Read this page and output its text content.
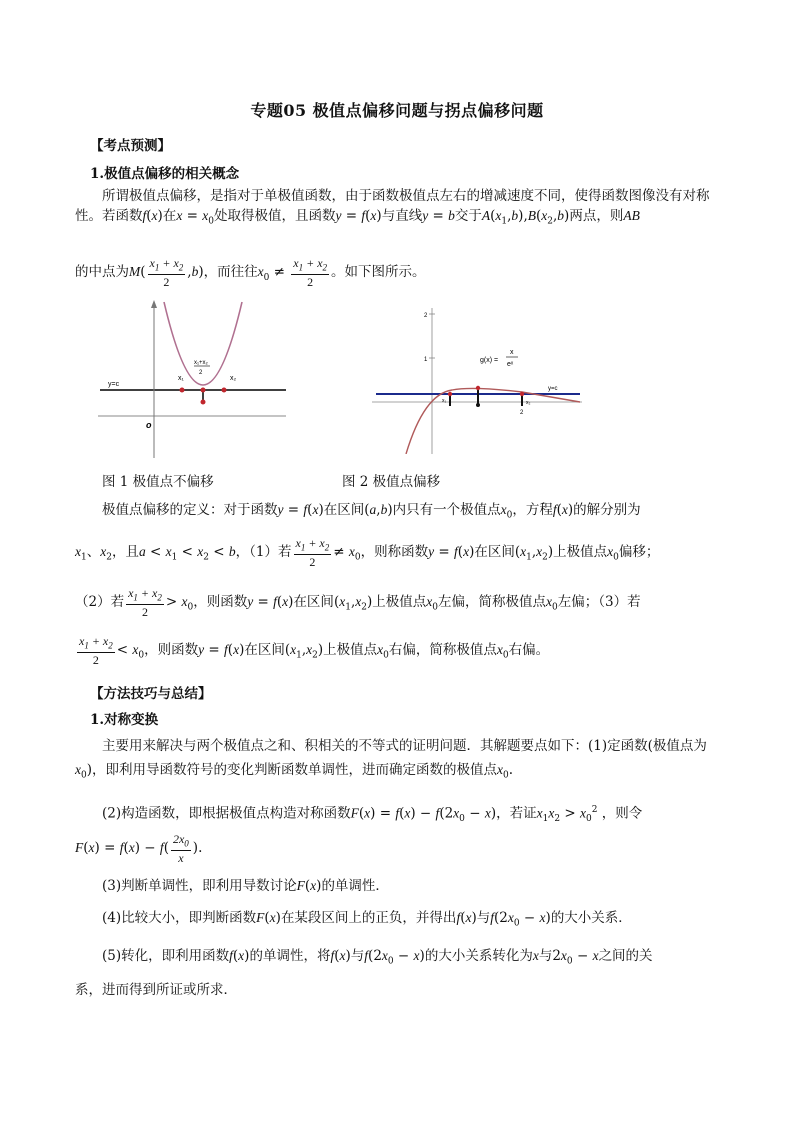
专题05 极值点偏移问题与拐点偏移问题
【考点预测】
1.极值点偏移的相关概念
所谓极值点偏移，是指对于单极值函数，由于函数极值点左右的增减速度不同，使得函数图像没有对称性。若函数f(x)在$x = x_0$处取得极值，且函数y = f(x)与直线y = b交于$A(x_1,b),B(x_2,b)$两点，则AB
的中点为$M( \frac{x_1 + x_2}{2} ,b)$，而往往$x_0 \ne \frac{x_1 + x_2}{2}$ 。如下图所示。
y=c
x₁	x₂
x₁+x₂
2
o
2
1
x₁	x₂
2
y=c
g(x) =
x
eˣ
图 1 极值点不偏移	图 2 极值点偏移
极值点偏移的定义：对于函数y = f(x)在区间(a,b)内只有一个极值点$x_0$，方程f(x)的解分别为
$x_1$、$x_2$，且$a < x_1 < x_2 < b$，（1）若 $\frac{x_1 + x_2}{2} \ne x_0$，则称函数y = f(x)在区间$(x_1,x_2)$上极值点$x_0$偏移；
（2）若 $\frac{x_1 + x_2}{2} > x_0$，则函数y = f(x)在区间$(x_1,x_2)$上极值点$x_0$左偏，简称极值点$x_0$左偏；（3）若
$\frac{x_1 + x_2}{2} < x_0$，则函数y = f(x)在区间$(x_1,x_2)$上极值点$x_0$右偏，简称极值点$x_0$右偏。
【方法技巧与总结】
1.对称变换
主要用来解决与两个极值点之和、积相关的不等式的证明问题．其解题要点如下：(1)定函数(极值点为$x_0$)，即利用导函数符号的变化判断函数单调性，进而确定函数的极值点$x_0$.
(2)构造函数，即根据极值点构造对称函数$F(x) = f(x) - f(2x_0 - x)$，若证$x_1x_2 > x_0^2$ ，则令
$F(x) = f(x) - f( \frac{2x_0}{x}$ ).
(3)判断单调性，即利用导数讨论F(x)的单调性．
(4)比较大小，即判断函数F(x)在某段区间上的正负，并得出f(x)与$f(2x_0 - x)$的大小关系．
(5)转化，即利用函数f(x)的单调性，将f(x)与$f(2x_0 - x)$的大小关系转化为x与$2x_0 - x$之间的关
系，进而得到所证或所求．
